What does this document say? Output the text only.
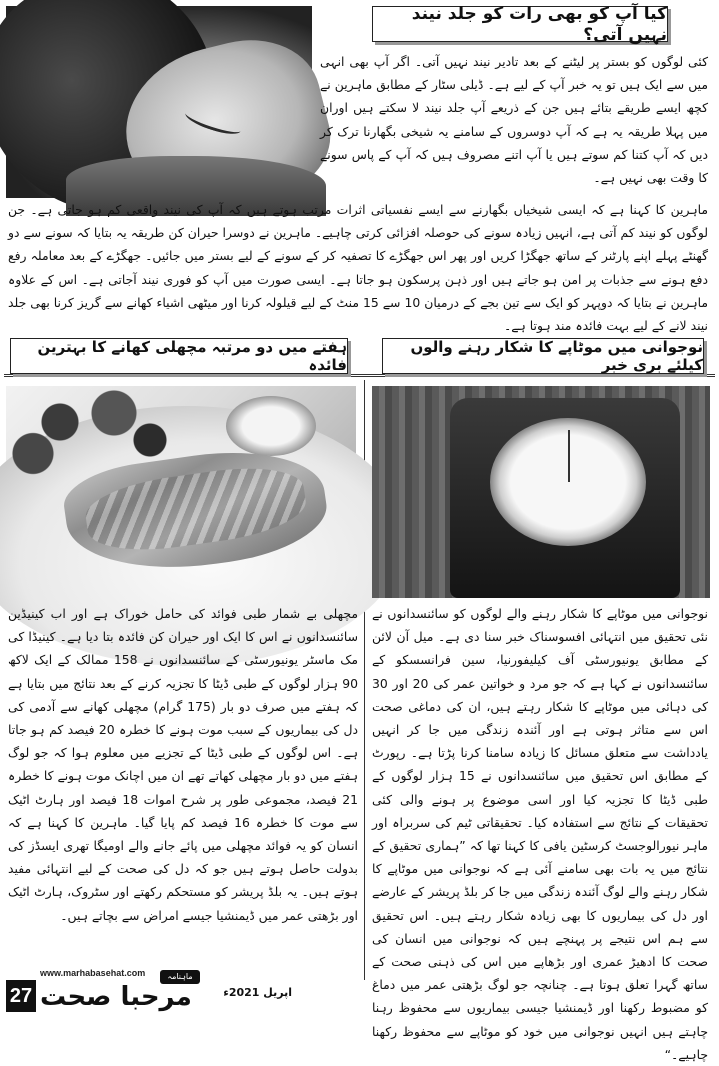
کیا آپ کو بھی رات کو جلد نیند نہیں آتی؟
کئی لوگوں کو بستر پر لیٹنے کے بعد تادیر نیند نہیں آتی۔ اگر آپ بھی انہی میں سے ایک ہیں تو یہ خبر آپ کے لیے ہے۔ ڈیلی سٹار کے مطابق ماہرین نے کچھ ایسے طریقے بتائے ہیں جن کے ذریعے آپ جلد نیند لا سکتے ہیں اوران میں پہلا طریقہ یہ ہے کہ آپ دوسروں کے سامنے یہ شیخی بگھارنا ترک کر دیں کہ آپ کتنا کم سوتے ہیں یا آپ اتنے مصروف ہیں کہ آپ کے پاس سونے کا وقت بھی نہیں ہے۔
ماہرین کا کہنا ہے کہ ایسی شیخیاں بگھارنے سے ایسے نفسیاتی اثرات مرتب ہوتے ہیں کہ آپ کی نیند واقعی کم ہو جاتی ہے۔ جن لوگوں کو نیند کم آتی ہے، انہیں زیادہ سونے کی حوصلہ افزائی کرتی چاہیے۔ ماہرین نے دوسرا حیران کن طریقہ یہ بتایا کہ سونے سے دو گھنٹے پہلے اپنے پارٹنر کے ساتھ جھگڑا کریں اور پھر اس جھگڑے کا تصفیہ کر کے سونے کے لیے بستر میں جائیں۔ جھگڑے کے بعد معاملہ رفع دفع ہونے سے جذبات پر امن ہو جاتے ہیں اور ذہن پرسکون ہو جاتا ہے۔ ایسی صورت میں آپ کو فوری نیند آجاتی ہے۔ اس کے علاوہ ماہرین نے بتایا کہ دوپہر کو ایک سے تین بجے کے درمیان 10 سے 15 منٹ کے لیے قیلولہ کرنا اور میٹھی اشیاء کھانے سے گریز کرنا بھی جلد نیند لانے کے لیے بہت فائدہ مند ہوتا ہے۔
ہفتے میں دو مرتبہ مچھلی کھانے کا بہترین فائدہ
مچھلی بے شمار طبی فوائد کی حامل خوراک ہے اور اب کینیڈین سائنسدانوں نے اس کا ایک اور حیران کن فائدہ بتا دیا ہے۔ کینیڈا کی مک ماسٹر یونیورسٹی کے سائنسدانوں نے 158 ممالک کے ایک لاکھ 90 ہزار لوگوں کے طبی ڈیٹا کا تجزیہ کرنے کے بعد نتائج میں بتایا ہے کہ ہفتے میں صرف دو بار (175 گرام) مچھلی کھانے سے آدمی کی دل کی بیماریوں کے سبب موت ہونے کا خطرہ 20 فیصد کم ہو جاتا ہے۔ اس لوگوں کے طبی ڈیٹا کے تجزیے میں معلوم ہوا کہ جو لوگ ہفتے میں دو بار مچھلی کھاتے تھے ان میں اچانک موت ہونے کا خطرہ 21 فیصد، مجموعی طور پر شرح اموات 18 فیصد اور ہارٹ اٹیک سے موت کا خطرہ 16 فیصد کم پایا گیا۔ ماہرین کا کہنا ہے کہ انسان کو یہ فوائد مچھلی میں پائے جانے والے اومیگا تھری ایسڈز کی بدولت حاصل ہوتے ہیں جو کہ دل کی صحت کے لیے انتہائی مفید ہوتے ہیں۔ یہ بلڈ پریشر کو مستحکم رکھتے اور سٹروک، ہارٹ اٹیک اور بڑھتی عمر میں ڈیمنشیا جیسے امراض سے بچاتے ہیں۔
نوجوانی میں موٹاپے کا شکار رہنے والوں کیلئے بری خبر
نوجوانی میں موٹاپے کا شکار رہنے والے لوگوں کو سائنسدانوں نے نئی تحقیق میں انتہائی افسوسناک خبر سنا دی ہے۔ میل آن لائن کے مطابق یونیورسٹی آف کیلیفورنیا، سین فرانسسکو کے سائنسدانوں نے کہا ہے کہ جو مرد و خواتین عمر کی 20 اور 30 کی دہائی میں موٹاپے کا شکار رہتے ہیں، ان کی دماغی صحت اس سے متاثر ہوتی ہے اور آئندہ زندگی میں جا کر انہیں یادداشت سے متعلق مسائل کا زیادہ سامنا کرنا پڑتا ہے۔ رپورٹ کے مطابق اس تحقیق میں سائنسدانوں نے 15 ہزار لوگوں کے طبی ڈیٹا کا تجزیہ کیا اور اسی موضوع پر ہونے والی کئی تحقیقات کے نتائج سے استفادہ کیا۔ تحقیقاتی ٹیم کی سربراہ اور ماہر نیورالوجسٹ کرسٹین یافی کا کہنا تھا کہ ”ہماری تحقیق کے نتائج میں یہ بات بھی سامنے آئی ہے کہ نوجوانی میں موٹاپے کا شکار رہنے والے لوگ آئندہ زندگی میں جا کر بلڈ پریشر کے عارضے اور دل کی بیماریوں کا بھی زیادہ شکار رہتے ہیں۔ اس تحقیق سے ہم اس نتیجے پر پہنچے ہیں کہ نوجوانی میں انسان کی صحت کا ادھیڑ عمری اور بڑھاپے میں اس کی ذہنی صحت کے ساتھ گہرا تعلق ہوتا ہے۔ چنانچہ جو لوگ بڑھتی عمر میں دماغ کو مضبوط رکھنا اور ڈیمنشیا جیسی بیماریوں سے محفوظ رہنا چاہتے ہیں انہیں نوجوانی میں خود کو موٹاپے سے محفوظ رکھنا چاہیے۔“
27
www.marhabasehat.com	ماہنامہ
مرحبا صحت	اپریل 2021ء
